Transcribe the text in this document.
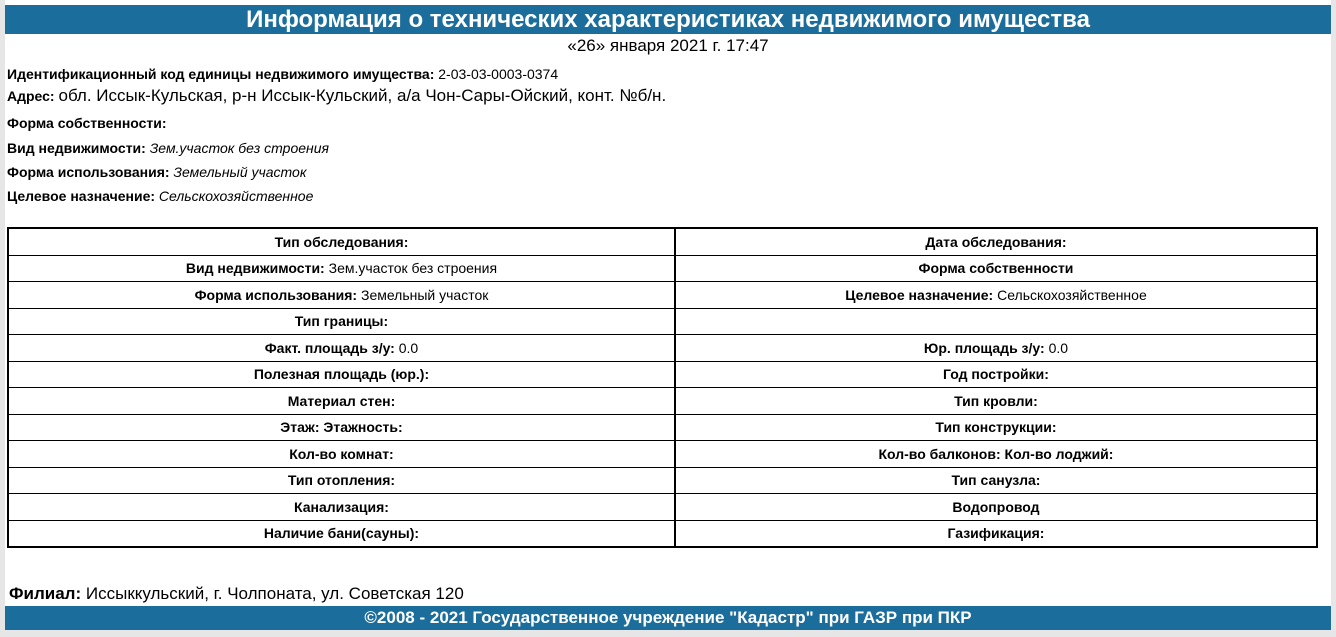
Информация о технических характеристиках недвижимого имущества
«26» января 2021 г. 17:47
Идентификационный код единицы недвижимого имущества: 2-03-03-0003-0374
Адрес: обл. Иссык-Кульская, р-н Иссык-Кульский, а/а Чон-Сары-Ойский, конт. №б/н.
Форма собственности:
Вид недвижимости: Зем.участок без строения
Форма использования: Земельный участок
Целевое назначение: Сельскохозяйственное
Тип обследования:	Дата обследования:
Вид недвижимости: Зем.участок без строения	Форма собственности
Форма использования: Земельный участок	Целевое назначение: Сельскохозяйственное
Тип границы:	
Факт. площадь з/у: 0.0	Юр. площадь з/у: 0.0
Полезная площадь (юр.):	Год постройки:
Материал стен:	Тип кровли:
Этаж: Этажность:	Тип конструкции:
Кол-во комнат:	Кол-во балконов: Кол-во лоджий:
Тип отопления:	Тип санузла:
Канализация:	Водопровод
Наличие бани(сауны):	Газификация:
Филиал: Иссыккульский, г. Чолпоната, ул. Советская 120
©2008 - 2021 Государственное учреждение "Кадастр" при ГАЗР при ПКР
